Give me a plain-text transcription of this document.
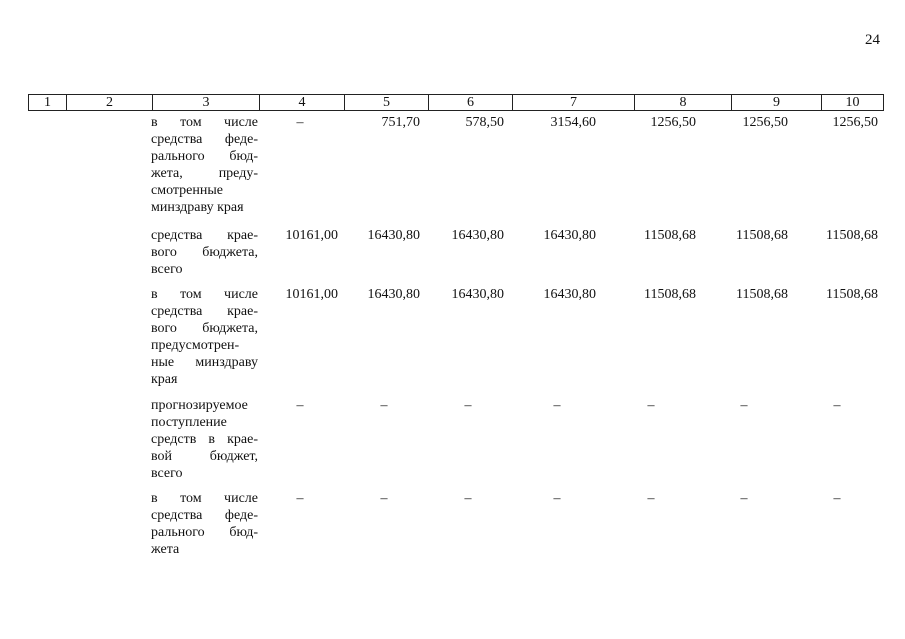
24
1	2	3	4	5	6	7	8	9	10
в том числе
средства феде-
рального бюд-
жета, преду-
смотренные
минздраву края
–	751,70	578,50	3154,60	1256,50	1256,50	1256,50
средства крае-
вого бюджета,
всего
10161,00	16430,80	16430,80	16430,80	11508,68	11508,68	11508,68
в том числе
средства крае-
вого бюджета,
предусмотрен-
ные минздраву
края
10161,00	16430,80	16430,80	16430,80	11508,68	11508,68	11508,68
прогнозируемое
поступление
средств в крае-
вой бюджет,
всего
–	–	–	–	–	–	–
в том числе
средства феде-
рального бюд-
жета
–	–	–	–	–	–	–
